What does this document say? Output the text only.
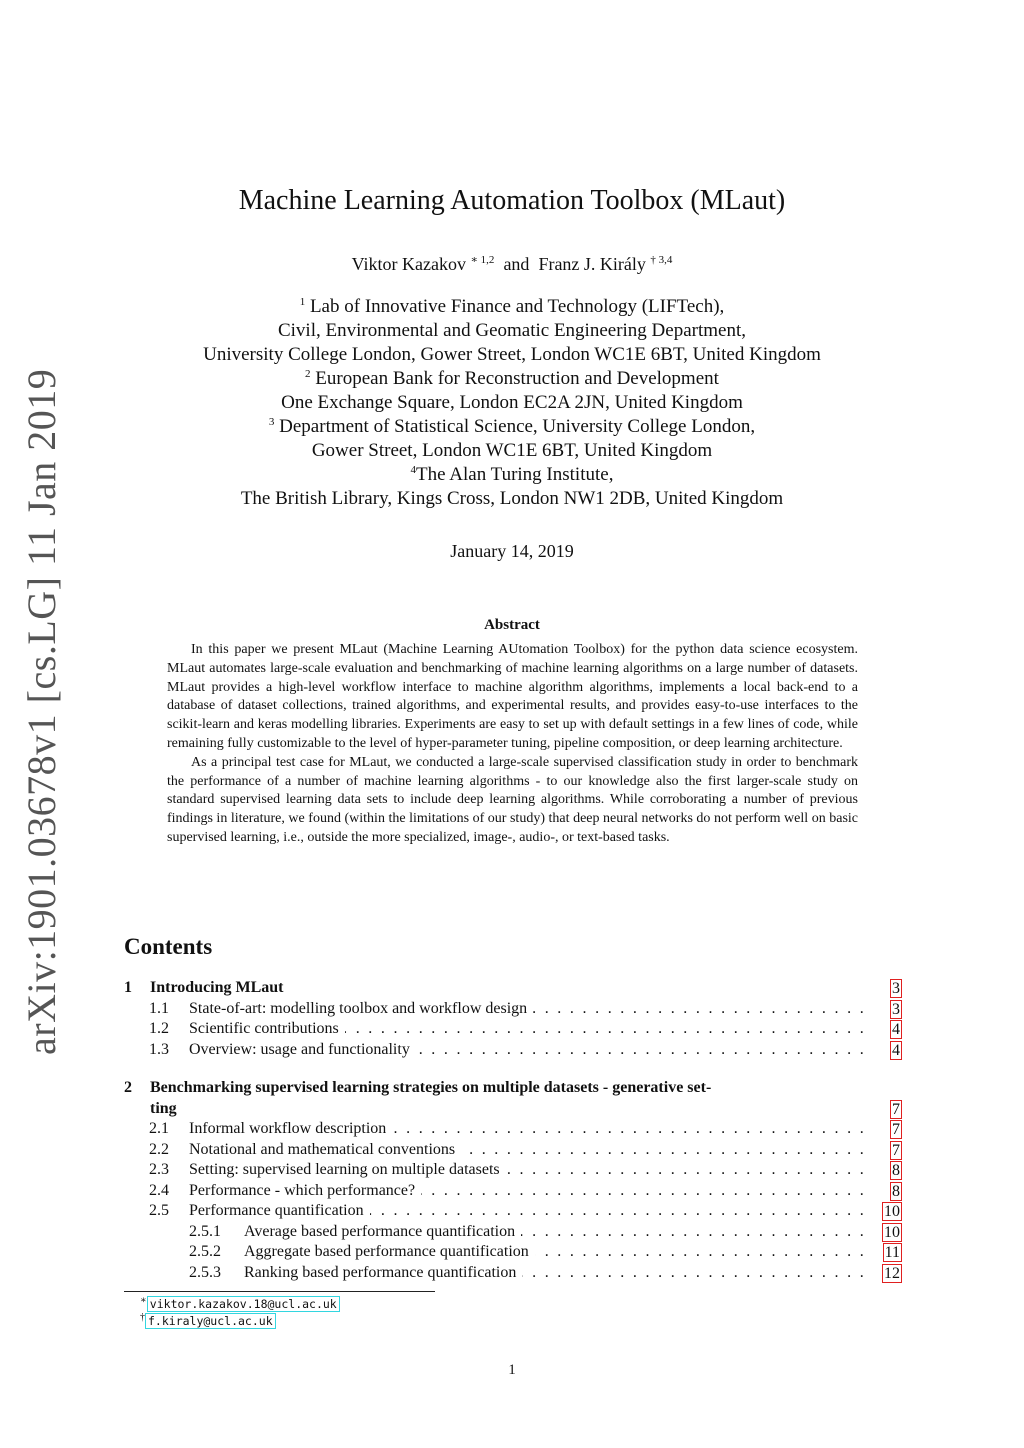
arXiv:1901.03678v1 [cs.LG] 11 Jan 2019
Machine Learning Automation Toolbox (MLaut)
Viktor Kazakov $^{∗ 1,2}$ and Franz J. Király $^{\dagger 3,4}$
$^1$ Lab of Innovative Finance and Technology (LIFTech),
Civil, Environmental and Geomatic Engineering Department,
University College London, Gower Street, London WC1E 6BT, United Kingdom
$^2$ European Bank for Reconstruction and Development
One Exchange Square, London EC2A 2JN, United Kingdom
$^3$ Department of Statistical Science, University College London,
Gower Street, London WC1E 6BT, United Kingdom
$^4$The Alan Turing Institute,
The British Library, Kings Cross, London NW1 2DB, United Kingdom
January 14, 2019
Abstract

In this paper we present MLaut (Machine Learning AUtomation Toolbox) for the python data science ecosystem. MLaut automates large-scale evaluation and benchmarking of machine learning algorithms on a large number of datasets. MLaut provides a high-level workflow interface to machine algorithm algorithms, implements a local back-end to a database of dataset collections, trained algorithms, and experimental results, and provides easy-to-use interfaces to the scikit-learn and keras modelling libraries. Experiments are easy to set up with default settings in a few lines of code, while remaining fully customizable to the level of hyper-parameter tuning, pipeline composition, or deep learning architecture.

As a principal test case for MLaut, we conducted a large-scale supervised classification study in order to benchmark the performance of a number of machine learning algorithms - to our knowledge also the first larger-scale study on standard supervised learning data sets to include deep learning algorithms. While corroborating a number of previous findings in literature, we found (within the limitations of our study) that deep neural networks do not perform well on basic supervised learning, i.e., outside the more specialized, image-, audio-, or text-based tasks.

Contents
1 Introducing MLaut	3
1.1 State-of-art: modelling toolbox and workflow design . . .	3
1.2 Scientific contributions . . .	4
1.3 Overview: usage and functionality . . .	4
2 Benchmarking supervised learning strategies on multiple datasets - generative set-
ting	7
2.1 Informal workflow description . . .	7
2.2 Notational and mathematical conventions . . .	7
2.3 Setting: supervised learning on multiple datasets . . .	8
2.4 Performance - which performance? . . .	8
2.5 Performance quantification . . .	10
2.5.1 Average based performance quantification . . .	10
2.5.2 Aggregate based performance quantification . . .	11
2.5.3 Ranking based performance quantification . . .	12
∗ viktor.kazakov.18@ucl.ac.uk
† f.kiraly@ucl.ac.uk
1
